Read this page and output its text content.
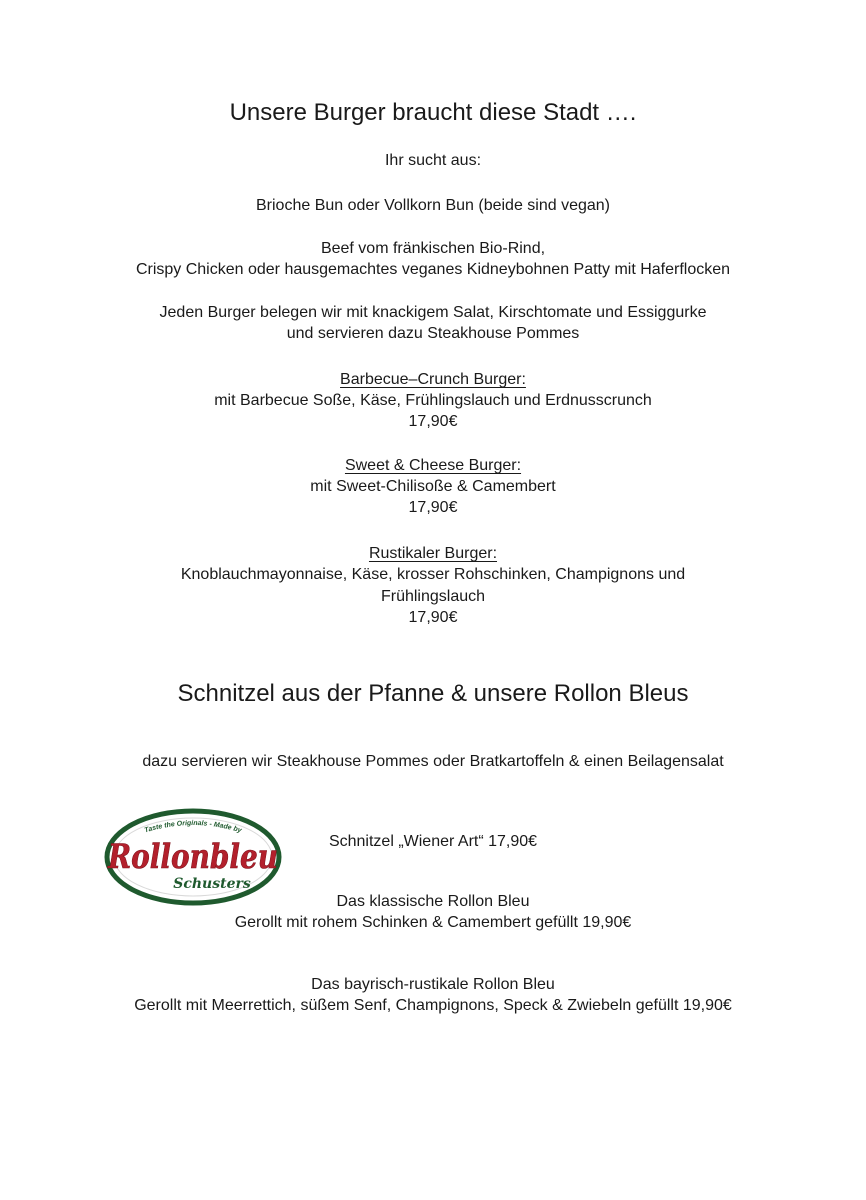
Unsere Burger braucht diese Stadt ….
Ihr sucht aus:
Brioche Bun oder Vollkorn Bun (beide sind vegan)
Beef vom fränkischen Bio-Rind,
Crispy Chicken oder hausgemachtes veganes Kidneybohnen Patty mit Haferflocken
Jeden Burger belegen wir mit knackigem Salat, Kirschtomate und Essiggurke
und servieren dazu Steakhouse Pommes
Barbecue–Crunch Burger:
mit Barbecue Soße, Käse, Frühlingslauch und Erdnusscrunch
17,90€
Sweet & Cheese Burger:
mit Sweet-Chilisoße & Camembert
17,90€
Rustikaler Burger:
Knoblauchmayonnaise, Käse, krosser Rohschinken, Champignons und
Frühlingslauch
17,90€
Schnitzel aus der Pfanne & unsere Rollon Bleus
dazu servieren wir Steakhouse Pommes oder Bratkartoffeln & einen Beilagensalat
Schnitzel „Wiener Art“ 17,90€
Das klassische Rollon Bleu
Gerollt mit rohem Schinken & Camembert gefüllt 19,90€
Das bayrisch-rustikale Rollon Bleu
Gerollt mit Meerrettich, süßem Senf, Champignons, Speck & Zwiebeln gefüllt 19,90€
Taste the Originals - Made by
Rollonbleu
Schusters
